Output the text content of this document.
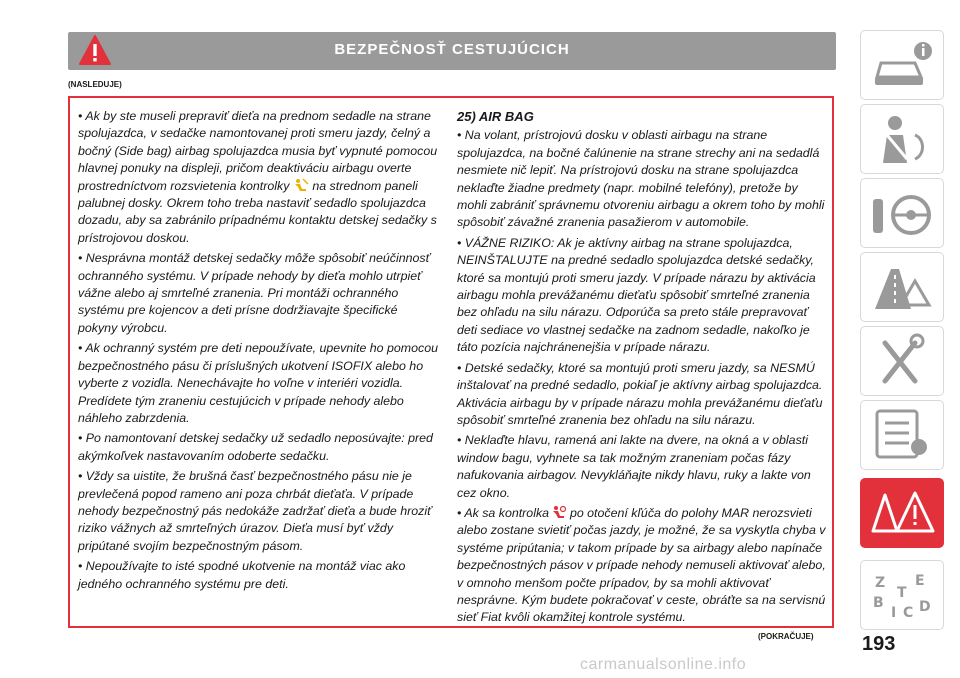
BEZPEČNOSŤ CESTUJÚCICH
(NASLEDUJE)

• Ak by ste museli prepraviť dieťa na prednom sedadle na strane spolujazdca, v sedačke namontovanej proti smeru jazdy, čelný a bočný (Side bag) airbag spolujazdca musia byť vypnuté pomocou hlavnej ponuky na displeji, pričom deaktiváciu airbagu overte prostredníctvom rozsvietenia kontrolky na strednom paneli palubnej dosky. Okrem toho treba nastaviť sedadlo spolujazdca dozadu, aby sa zabránilo prípadnému kontaktu detskej sedačky s prístrojovou doskou.

• Nesprávna montáž detskej sedačky môže spôsobiť neúčinnosť ochranného systému. V prípade nehody by dieťa mohlo utrpieť vážne alebo aj smrteľné zranenia. Pri montáži ochranného systému pre kojencov a deti prísne dodržiavajte špecifické pokyny výrobcu.

• Ak ochranný systém pre deti nepoužívate, upevnite ho pomocou bezpečnostného pásu či príslušných ukotvení ISOFIX alebo ho vyberte z vozidla. Nenechávajte ho voľne v interiéri vozidla. Predídete tým zraneniu cestujúcich v prípade nehody alebo náhleho zabrzdenia.

• Po namontovaní detskej sedačky už sedadlo neposúvajte: pred akýmkoľvek nastavovaním odoberte sedačku.

• Vždy sa uistite, že brušná časť bezpečnostného pásu nie je prevlečená popod rameno ani poza chrbát dieťaťa. V prípade nehody bezpečnostný pás nedokáže zadržať dieťa a bude hroziť riziko vážnych až smrteľných úrazov. Dieťa musí byť vždy pripútané svojím bezpečnostným pásom.

• Nepoužívajte to isté spodné ukotvenie na montáž viac ako jedného ochranného systému pre deti.

25) AIR BAG

• Na volant, prístrojovú dosku v oblasti airbagu na strane spolujazdca, na bočné čalúnenie na strane strechy ani na sedadlá nesmiete nič lepiť. Na prístrojovú dosku na strane spolujazdca neklaďte žiadne predmety (napr. mobilné telefóny), pretože by mohli zabrániť správnemu otvoreniu airbagu a okrem toho by mohli spôsobiť závažné zranenia pasažierom v automobile.

• VÁŽNE RIZIKO: Ak je aktívny airbag na strane spolujazdca, NEINŠTALUJTE na predné sedadlo spolujazdca detské sedačky, ktoré sa montujú proti smeru jazdy. V prípade nárazu by aktivácia airbagu mohla prevážanému dieťaťu spôsobiť smrteľné zranenia bez ohľadu na silu nárazu. Odporúča sa preto stále prepravovať deti sediace vo vlastnej sedačke na zadnom sedadle, nakoľko je táto pozícia najchránenejšia v prípade nárazu.

• Detské sedačky, ktoré sa montujú proti smeru jazdy, sa NESMÚ inštalovať na predné sedadlo, pokiaľ je aktívny airbag spolujazdca. Aktivácia airbagu by v prípade nárazu mohla prevážanému dieťaťu spôsobiť smrteľné zranenia bez ohľadu na silu nárazu.

• Neklaďte hlavu, ramená ani lakte na dvere, na okná a v oblasti window bagu, vyhnete sa tak možným zraneniam počas fázy nafukovania airbagov. Nevykláňajte nikdy hlavu, ruky a lakte von cez okno.

• Ak sa kontrolka po otočení kľúča do polohy MAR nerozsvieti alebo zostane svietiť počas jazdy, je možné, že sa vyskytla chyba v systéme pripútania; v takom prípade by sa airbagy alebo napínače bezpečnostných pásov v prípade nehody nemuseli aktivovať alebo, v omnoho menšom počte prípadov, by sa mohli aktivovať nesprávne. Kým budete pokračovať v ceste, obráťte sa na servisnú sieť Fiat kvôli okamžitej kontrole systému.

(POKRAČUJE) 193
carmanualsonline.info
Z E
B
I C D
T
